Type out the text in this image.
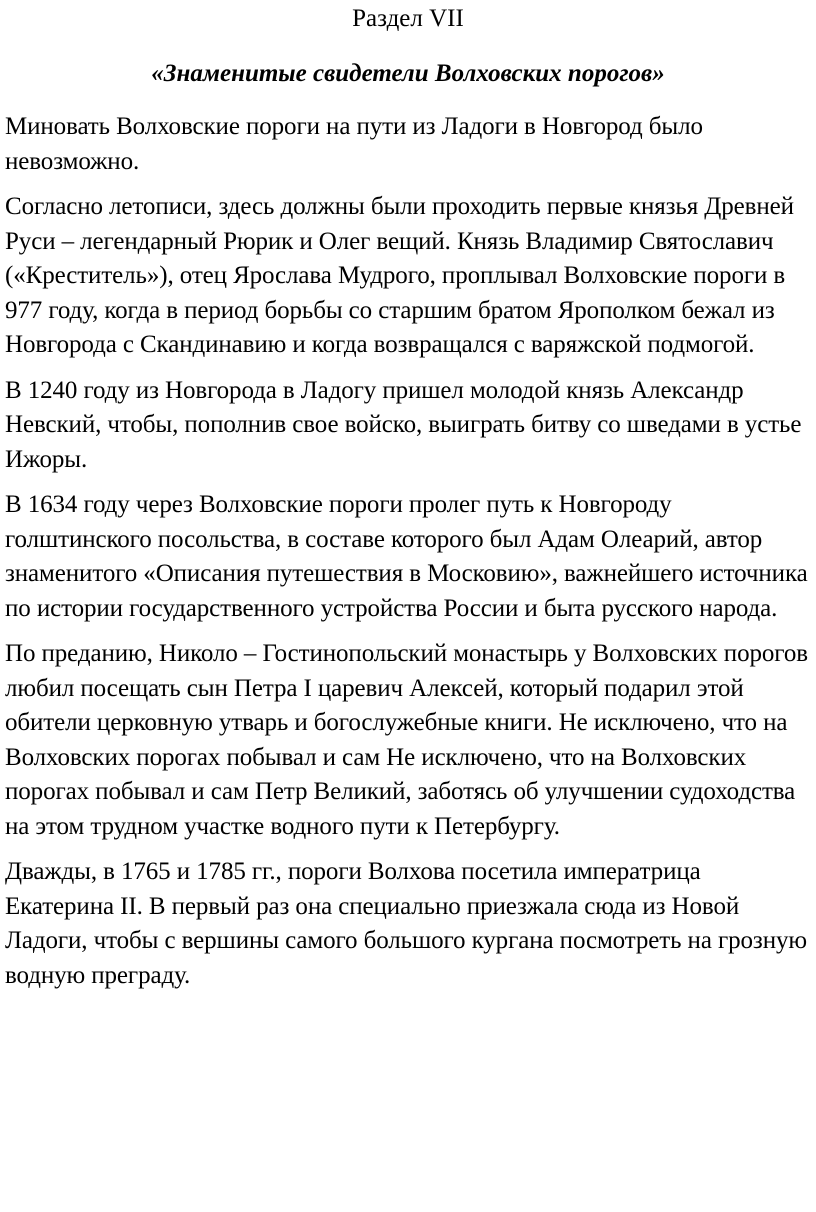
Раздел VII
«Знаменитые свидетели Волховских порогов»

Миновать Волховские пороги на пути из Ладоги в Новгород было невозможно.

Согласно летописи, здесь должны были проходить первые князья Древней Руси – легендарный Рюрик и Олег вещий. Князь Владимир Святославич («Креститель»), отец Ярослава Мудрого, проплывал Волховские пороги в 977 году, когда в период борьбы со старшим братом Ярополком бежал из Новгорода с Скандинавию и когда возвращался с варяжской подмогой.

В 1240 году из Новгорода в Ладогу пришел молодой князь Александр Невский, чтобы, пополнив свое войско, выиграть битву со шведами в устье Ижоры.

В 1634 году через Волховские пороги пролег путь к Новгороду голштинского посольства, в составе которого был Адам Олеарий, автор знаменитого «Описания путешествия в Московию», важнейшего источника по истории государственного устройства России и быта русского народа.

По преданию, Николо – Гостинопольский монастырь у Волховских порогов любил посещать сын Петра I царевич Алексей, который подарил этой обители церковную утварь и богослужебные книги. Не исключено, что на Волховских порогах побывал и сам Не исключено, что на Волховских порогах побывал и сам Петр Великий, заботясь об улучшении судоходства на этом трудном участке водного пути к Петербургу.

Дважды, в 1765 и 1785 гг., пороги Волхова посетила императрица Екатерина II. В первый раз она специально приезжала сюда из Новой Ладоги, чтобы с вершины самого большого кургана посмотреть на грозную водную преграду.
